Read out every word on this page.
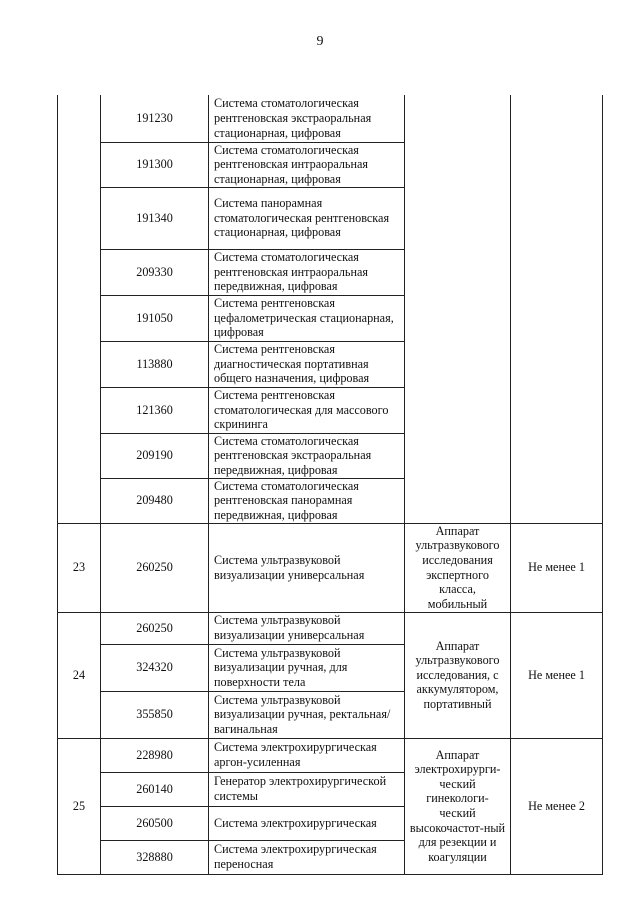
9
	191230	Система стоматологическая рентгеновская экстраоральная стационарная, цифровая		
	191300	Система стоматологическая рентгеновская интраоральная стационарная, цифровая		
	191340	Система панорамная стоматологическая рентгеновская стационарная, цифровая		
	209330	Система стоматологическая рентгеновская интраоральная передвижная, цифровая		
	191050	Система рентгеновская цефалометрическая стационарная, цифровая		
	113880	Система рентгеновская диагностическая портативная общего назначения, цифровая		
	121360	Система рентгеновская стоматологическая для массового скрининга		
	209190	Система стоматологическая рентгеновская экстраоральная передвижная, цифровая		
	209480	Система стоматологическая рентгеновская панорамная передвижная, цифровая		
23	260250	Система ультразвуковой визуализации универсальная	Аппарат ультразвукового исследования экспертного класса, мобильный	Не менее 1
24	260250	Система ультразвуковой визуализации универсальная	Аппарат ультразвукового исследования, с аккумулятором, портативный	Не менее 1
	324320	Система ультразвуковой визуализации ручная, для поверхности тела		
	355850	Система ультразвуковой визуализации ручная, ректальная/вагинальная		
25	228980	Система электрохирургическая аргон-усиленная	Аппарат электрохирурги-ческий гинекологи-ческий высокочастот-ный для резекции и коагуляции	Не менее 2
	260140	Генератор электрохирургической системы		
	260500	Система электрохирургическая		
	328880	Система электрохирургическая переносная		
